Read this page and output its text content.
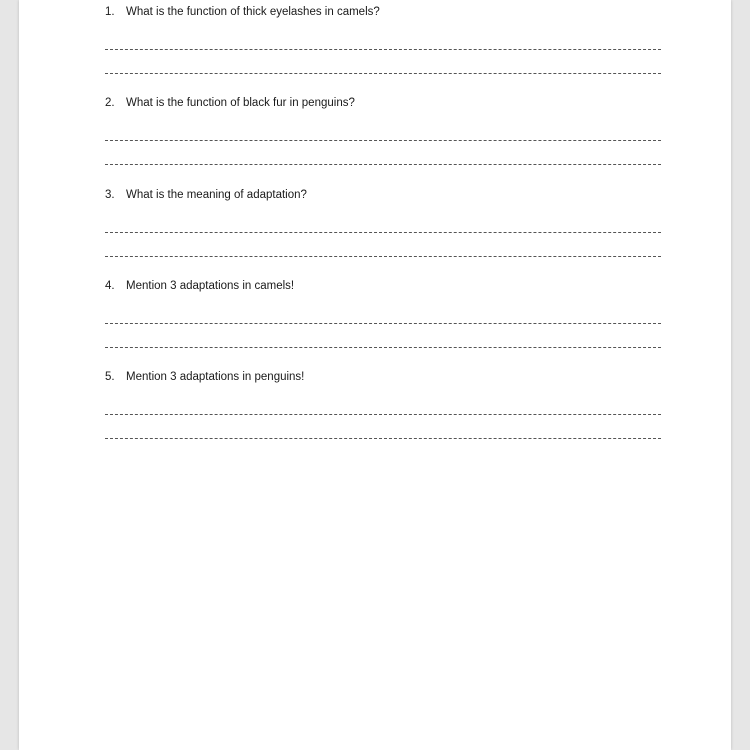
1. What is the function of thick eyelashes in camels?
2. What is the function of black fur in penguins?
3. What is the meaning of adaptation?
4. Mention 3 adaptations in camels!
5. Mention 3 adaptations in penguins!
